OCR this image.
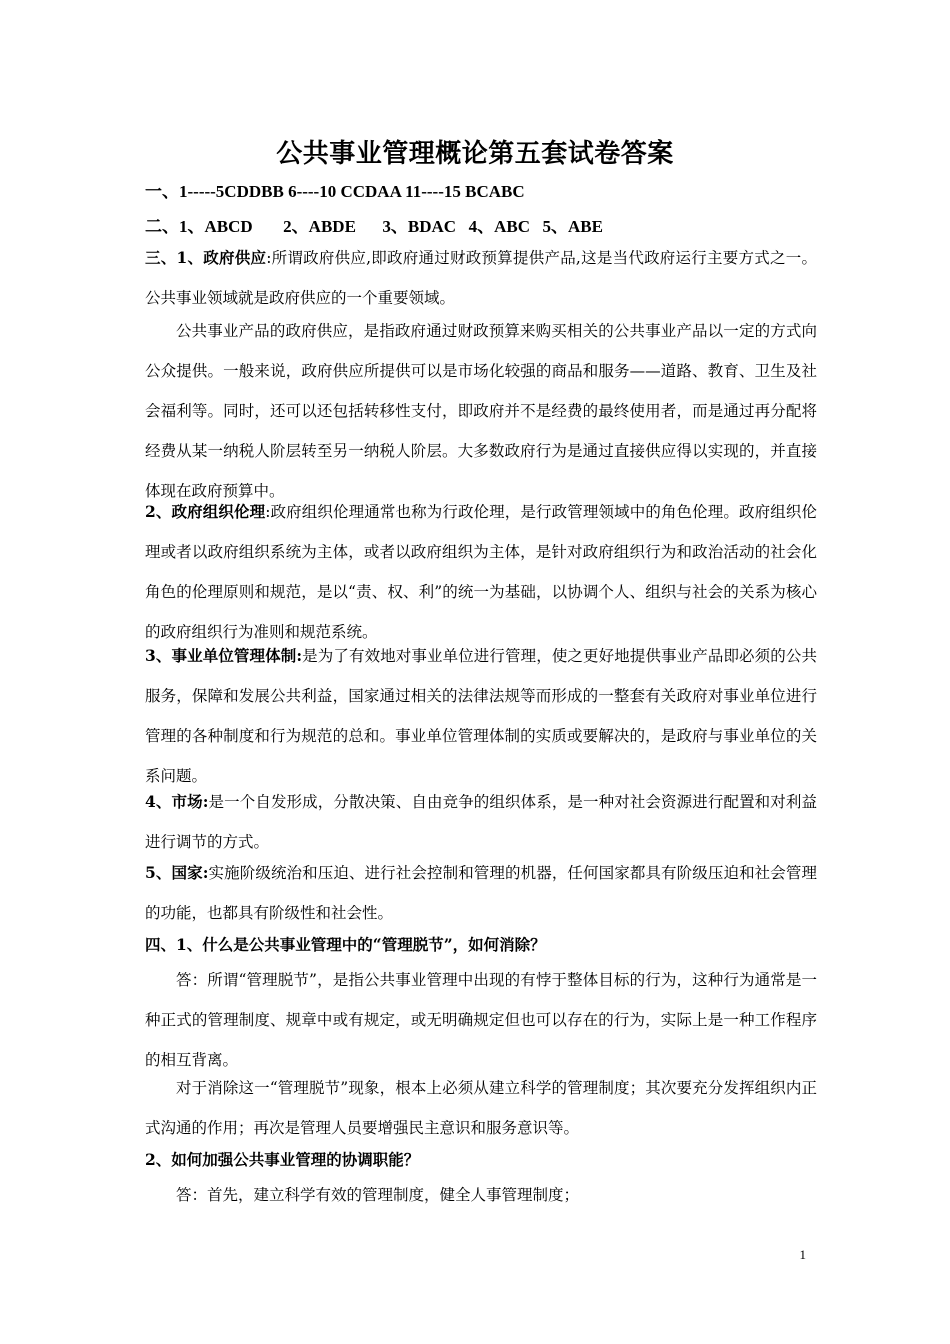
公共事业管理概论第五套试卷答案
一、1-----5CDDBB 6----10 CCDAA 11----15 BCABC
二、1、ABCD 2、ABDE 3、BDAC 4、ABC 5、ABE

三、1、政府供应:所谓政府供应,即政府通过财政预算提供产品,这是当代政府运行主要方式之一。公共事业领域就是政府供应的一个重要领域。

公共事业产品的政府供应，是指政府通过财政预算来购买相关的公共事业产品以一定的方式向公众提供。一般来说，政府供应所提供可以是市场化较强的商品和服务——道路、教育、卫生及社会福利等。同时，还可以还包括转移性支付，即政府并不是经费的最终使用者，而是通过再分配将经费从某一纳税人阶层转至另一纳税人阶层。大多数政府行为是通过直接供应得以实现的，并直接体现在政府预算中。

2、政府组织伦理:政府组织伦理通常也称为行政伦理，是行政管理领域中的角色伦理。政府组织伦理或者以政府组织系统为主体，或者以政府组织为主体，是针对政府组织行为和政治活动的社会化角色的伦理原则和规范，是以“责、权、利”的统一为基础，以协调个人、组织与社会的关系为核心的政府组织行为准则和规范系统。

3、事业单位管理体制:是为了有效地对事业单位进行管理，使之更好地提供事业产品即必须的公共服务，保障和发展公共利益，国家通过相关的法律法规等而形成的一整套有关政府对事业单位进行管理的各种制度和行为规范的总和。事业单位管理体制的实质或要解决的，是政府与事业单位的关系问题。

4、市场:是一个自发形成，分散决策、自由竞争的组织体系，是一种对社会资源进行配置和对利益进行调节的方式。

5、国家:实施阶级统治和压迫、进行社会控制和管理的机器，任何国家都具有阶级压迫和社会管理的功能，也都具有阶级性和社会性。

四、1、什么是公共事业管理中的“管理脱节”，如何消除？

答：所谓“管理脱节”，是指公共事业管理中出现的有悖于整体目标的行为，这种行为通常是一种正式的管理制度、规章中或有规定，或无明确规定但也可以存在的行为，实际上是一种工作程序的相互背离。

对于消除这一“管理脱节”现象，根本上必须从建立科学的管理制度；其次要充分发挥组织内正式沟通的作用；再次是管理人员要增强民主意识和服务意识等。

2、如何加强公共事业管理的协调职能？

答：首先，建立科学有效的管理制度，健全人事管理制度；

1
